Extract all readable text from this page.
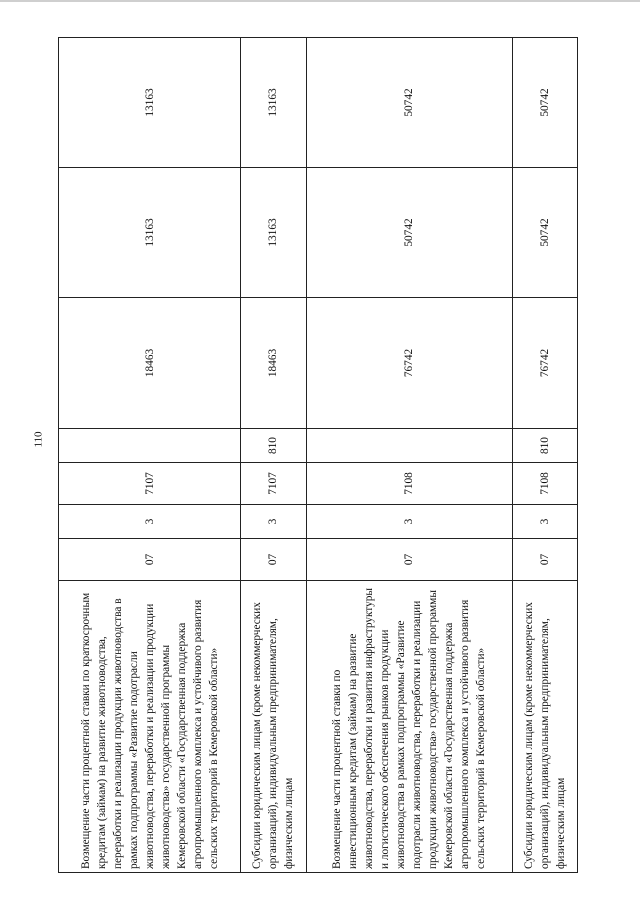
110
Возмещение части процентной ставки по краткосрочным кредитам (займам) на развитие животноводства, переработки и реализации продукции животноводства в рамках подпрограммы «Развитие подотрасли животноводства, переработки и реализации продукции животноводства» государственной программы Кемеровской области «Государственная поддержка агропромышленного комплекса и устойчивого развития сельских территорий в Кемеровской области»	07	3	7107		18463	13163	13163
Субсидии юридическим лицам (кроме некоммерческих организаций), индивидуальным предпринимателям, физическим лицам	07	3	7107	810	18463	13163	13163
Возмещение части процентной ставки по инвестиционным кредитам (займам) на развитие животноводства, переработки и развития инфраструктуры и логистического обеспечения рынков продукции животноводства в рамках подпрограммы «Развитие подотрасли животноводства, переработки и реализации продукции животноводства» государственной программы Кемеровской области «Государственная поддержка агропромышленного комплекса и устойчивого развития сельских территорий в Кемеровской области»	07	3	7108		76742	50742	50742
Субсидии юридическим лицам (кроме некоммерческих организаций), индивидуальным предпринимателям, физическим лицам	07	3	7108	810	76742	50742	50742
